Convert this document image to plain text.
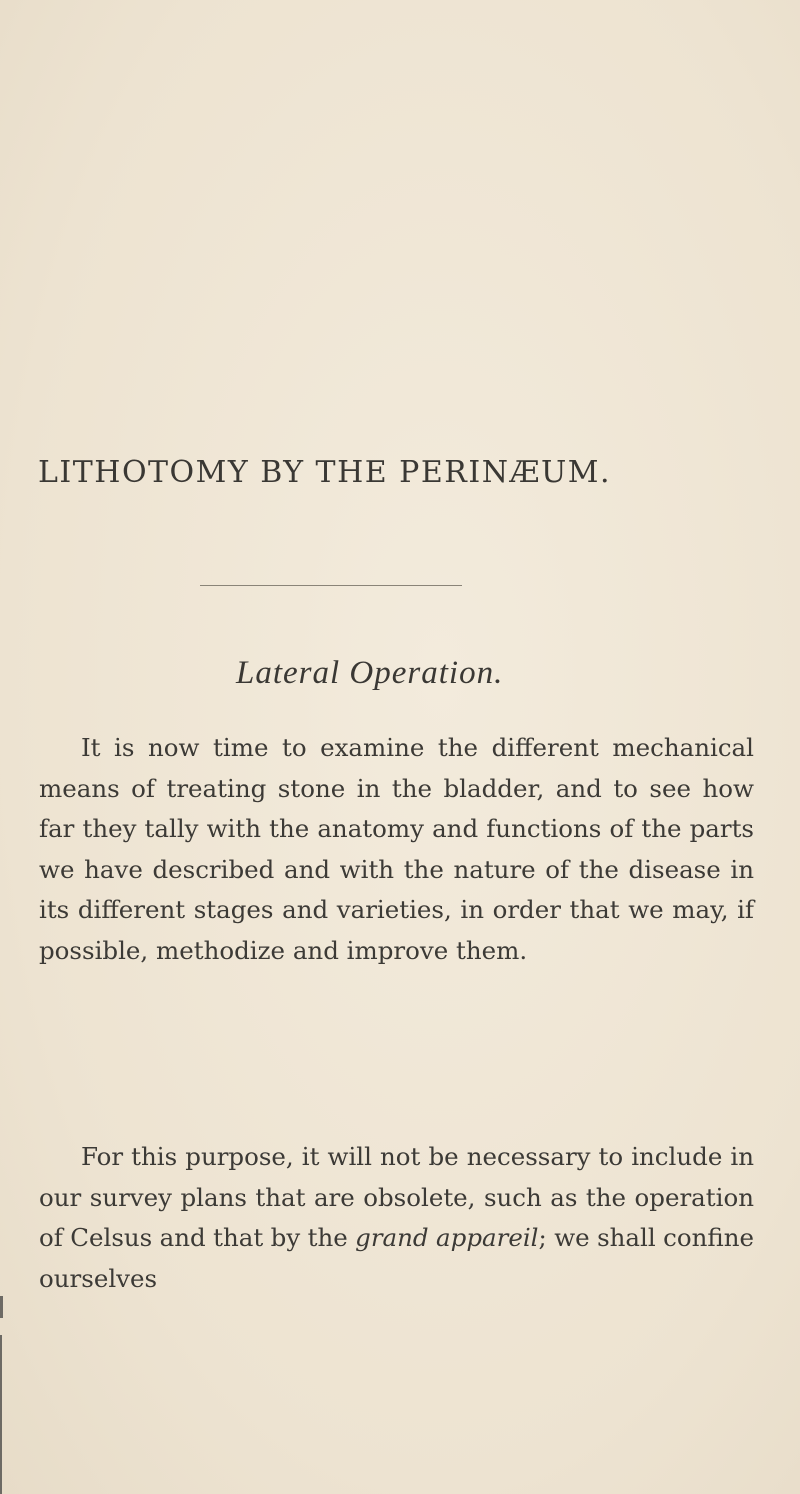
LITHOTOMY BY THE PERINÆUM.
Lateral Operation.

It is now time to examine the different mechanical means of treating stone in the bladder, and to see how far they tally with the anatomy and functions of the parts we have described and with the nature of the disease in its different stages and varieties, in order that we may, if possible, methodize and improve them.

For this purpose, it will not be necessary to include in our survey plans that are obsolete, such as the operation of Celsus and that by the grand appareil; we shall confine ourselves
